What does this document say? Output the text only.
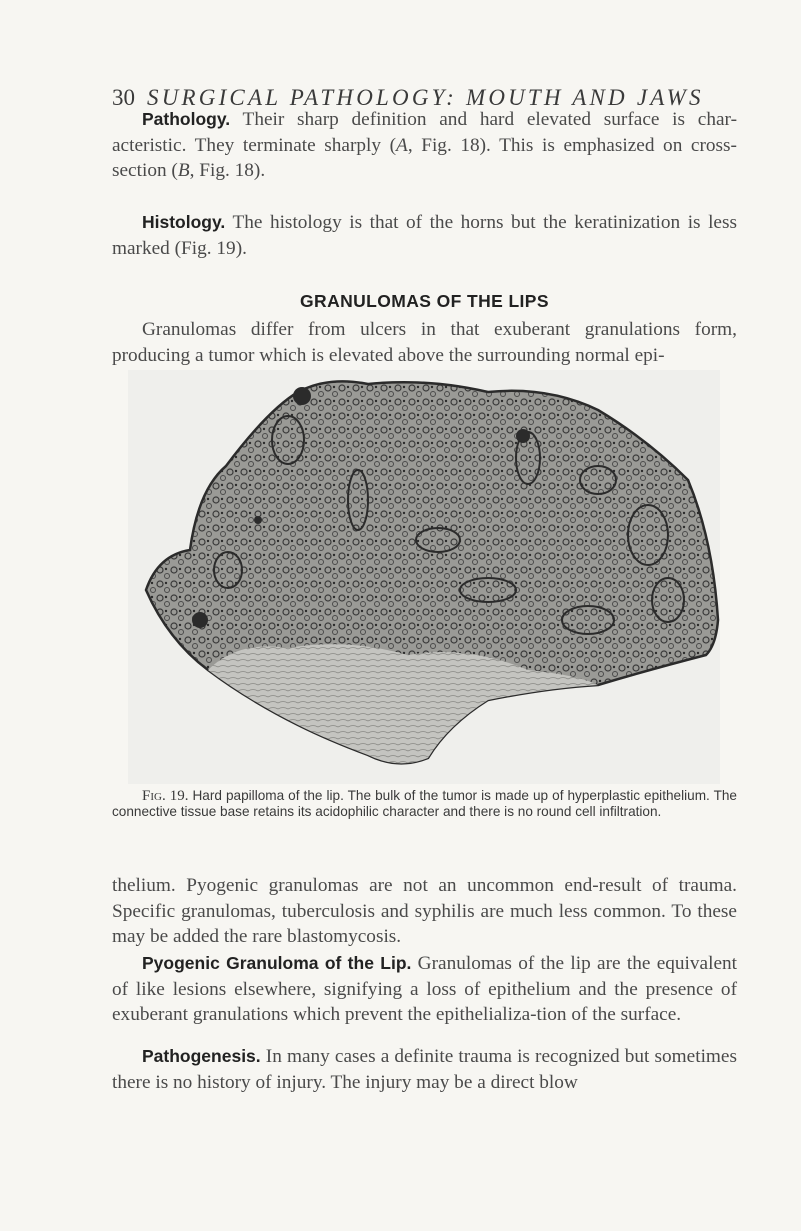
30 SURGICAL PATHOLOGY: MOUTH AND JAWS

Pathology. Their sharp definition and hard elevated surface is char-acteristic. They terminate sharply (A, Fig. 18). This is emphasized on cross-section (B, Fig. 18).

Histology. The histology is that of the horns but the keratinization is less marked (Fig. 19).

GRANULOMAS OF THE LIPS

Granulomas differ from ulcers in that exuberant granulations form, producing a tumor which is elevated above the surrounding normal epi-

Fig. 19. Hard papilloma of the lip. The bulk of the tumor is made up of hyperplastic epithelium. The connective tissue base retains its acidophilic character and there is no round cell infiltration.

thelium. Pyogenic granulomas are not an uncommon end-result of trauma. Specific granulomas, tuberculosis and syphilis are much less common. To these may be added the rare blastomycosis.

Pyogenic Granuloma of the Lip. Granulomas of the lip are the equivalent of like lesions elsewhere, signifying a loss of epithelium and the presence of exuberant granulations which prevent the epithelializa-tion of the surface.

Pathogenesis. In many cases a definite trauma is recognized but sometimes there is no history of injury. The injury may be a direct blow
